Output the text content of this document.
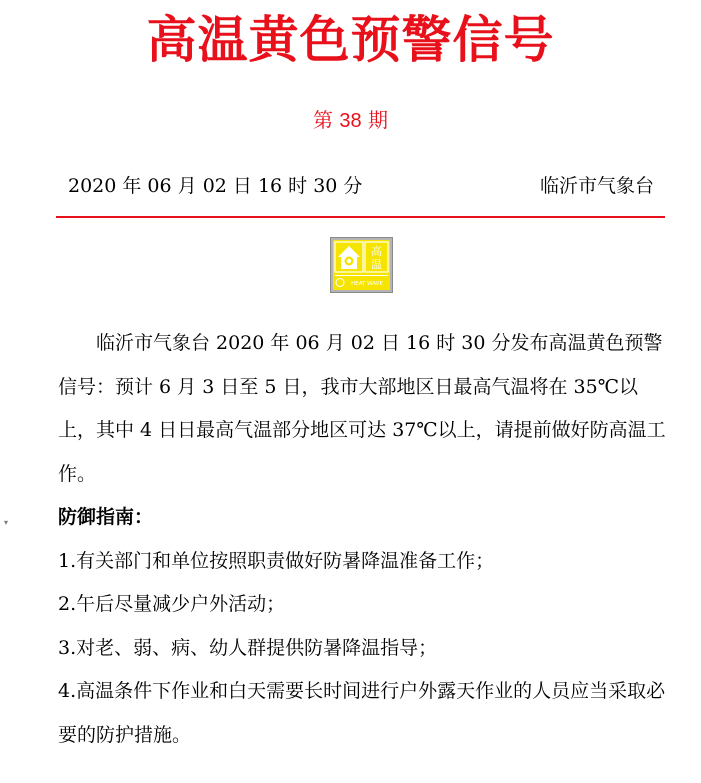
高温黄色预警信号
第 38 期
2020 年 06 月 02 日 16 时 30 分	临沂市气象台
高
温
HEAT WAVE

临沂市气象台 2020 年 06 月 02 日 16 时 30 分发布高温黄色预警信号：预计 6 月 3 日至 5 日，我市大部地区日最高气温将在 35℃以上，其中 4 日日最高气温部分地区可达 37℃以上，请提前做好防高温工作。

防御指南：

1.有关部门和单位按照职责做好防暑降温准备工作；

2.午后尽量减少户外活动；

3.对老、弱、病、幼人群提供防暑降温指导；

4.高温条件下作业和白天需要长时间进行户外露天作业的人员应当采取必要的防护措施。

▾
